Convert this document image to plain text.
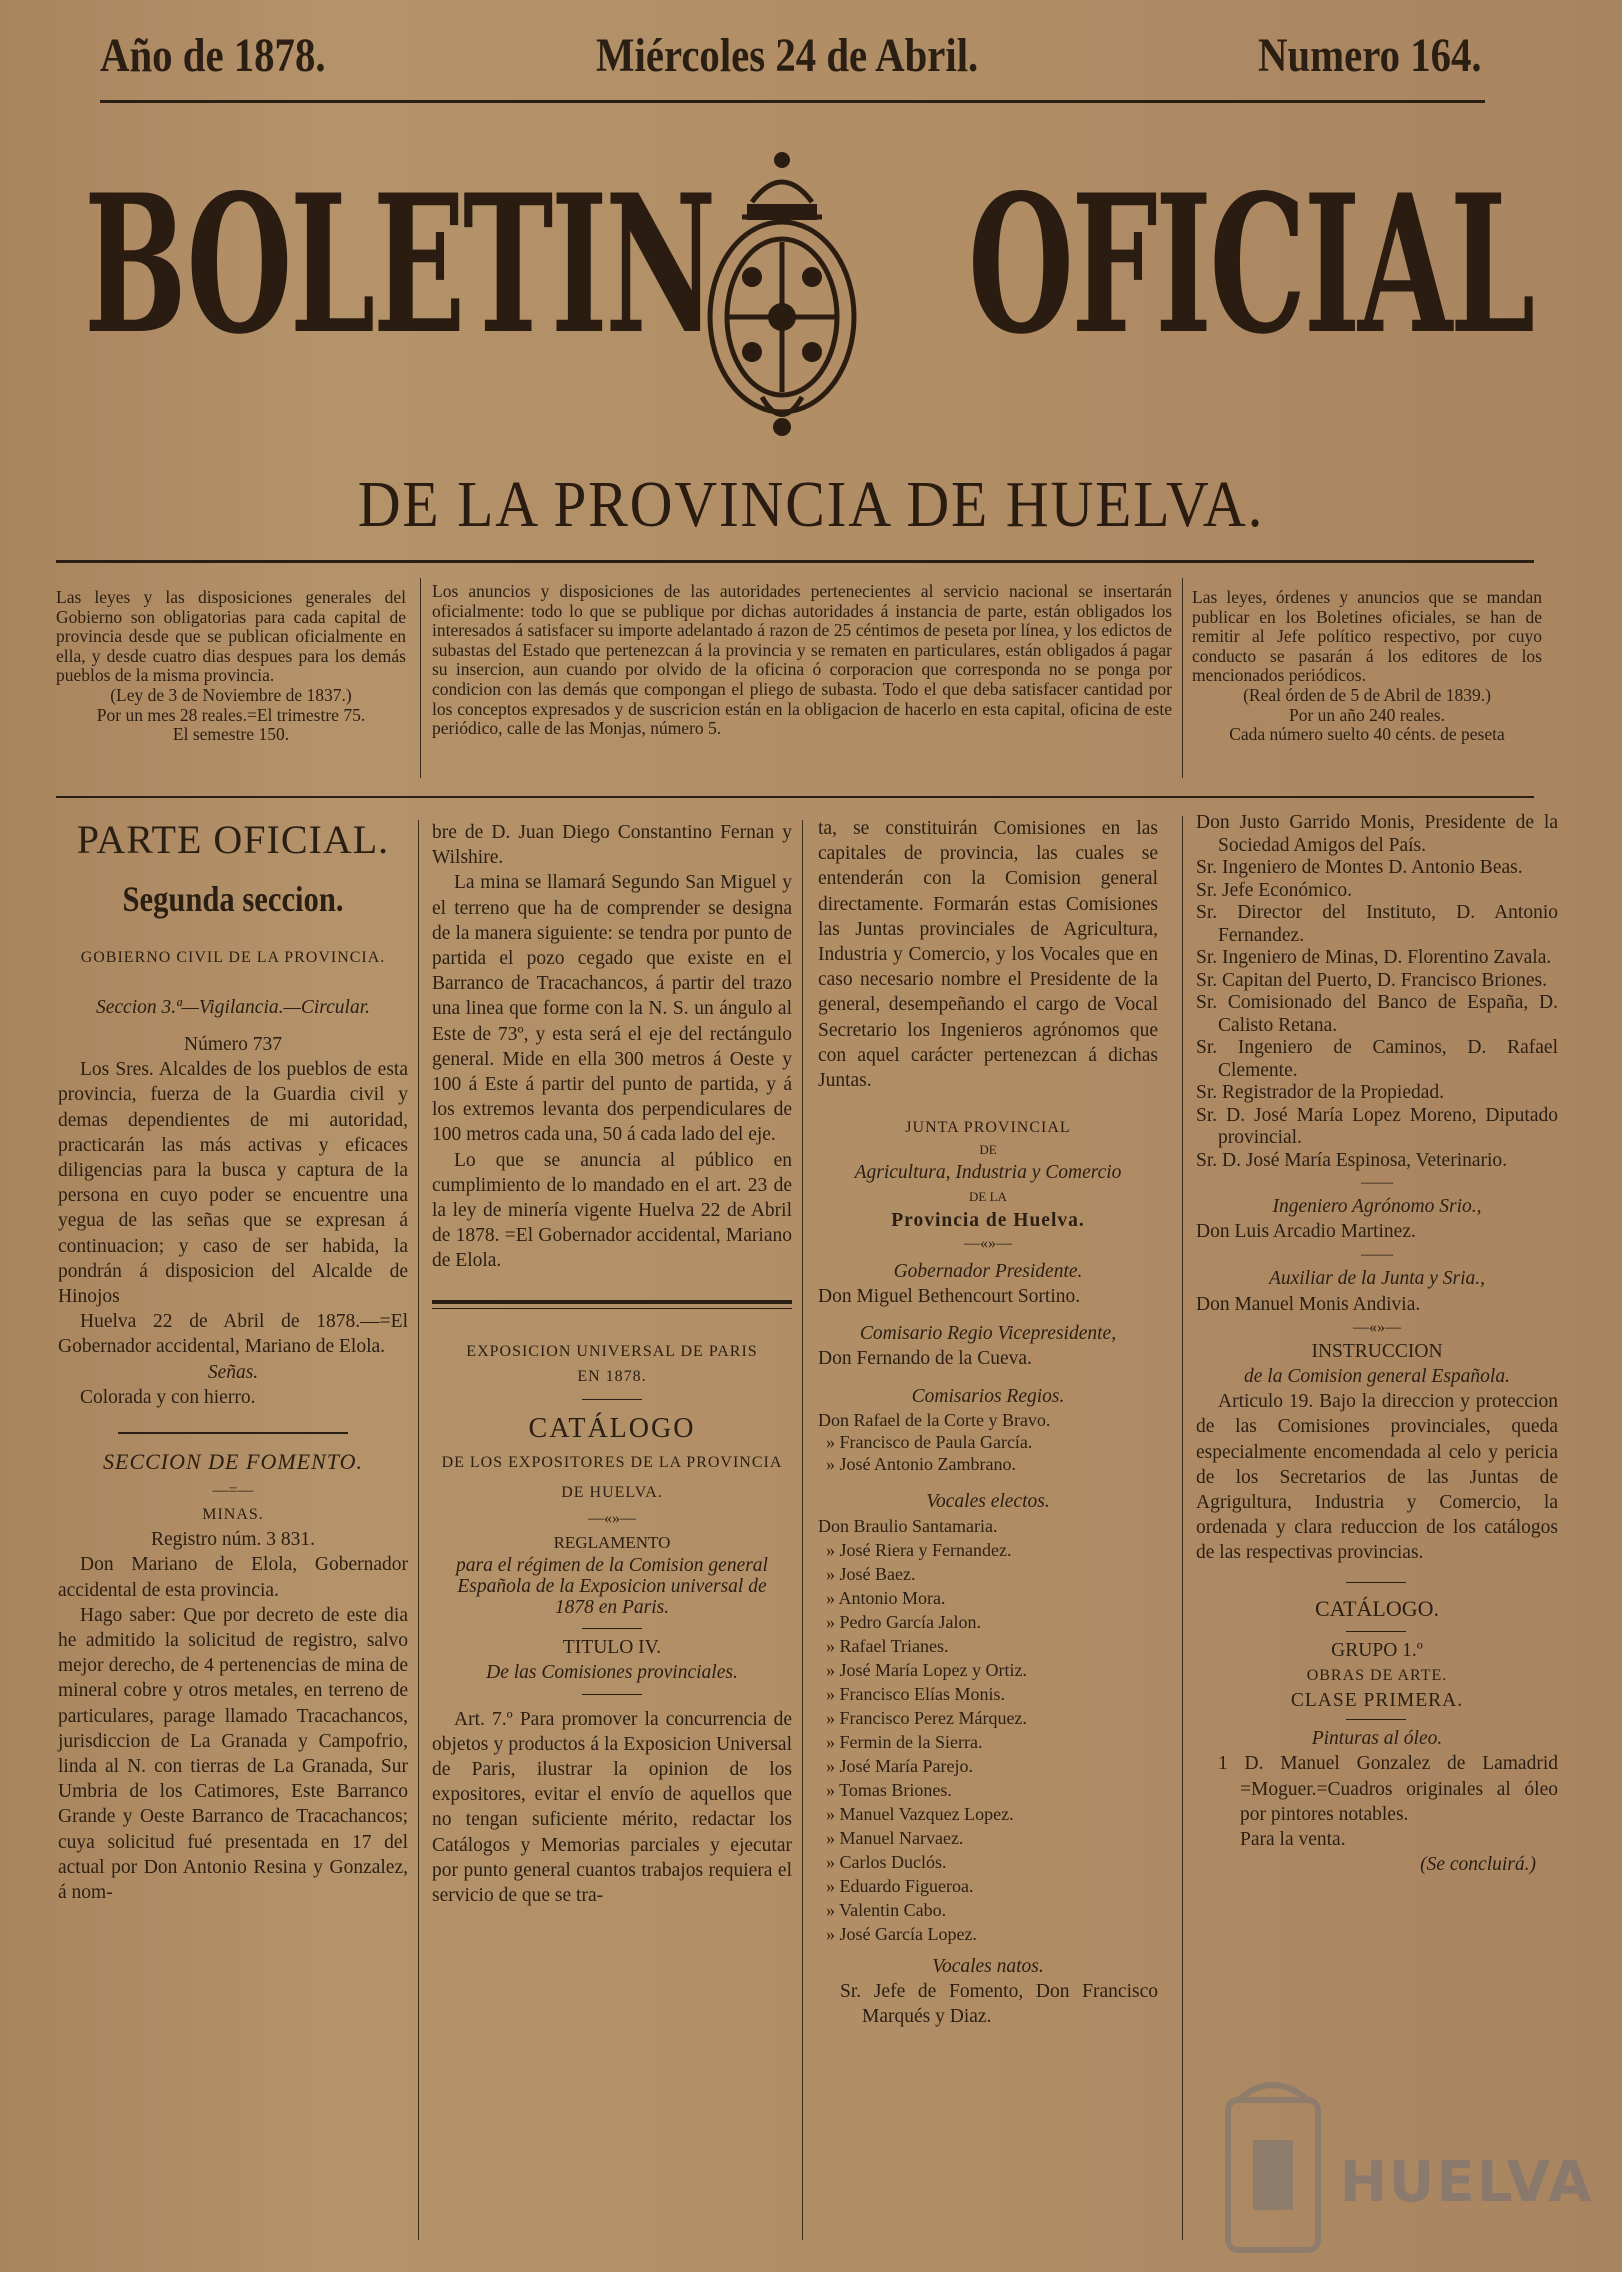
Año de 1878.	Miércoles 24 de Abril.	Numero 164.
BOLETIN OFICIAL
DE LA PROVINCIA DE HUELVA.
Las leyes y las disposiciones generales del Gobierno son obligatorias para cada capital de provincia desde que se publican oficialmente en ella, y desde cuatro dias despues para los demás pueblos de la misma provincia.
(Ley de 3 de Noviembre de 1837.)
Por un mes 28 reales.=El trimestre 75.
El semestre 150.
Los anuncios y disposiciones de las autoridades pertenecientes al servicio nacional se insertarán oficialmente: todo lo que se publique por dichas autoridades á instancia de parte, están obligados los interesados á satisfacer su importe adelantado á razon de 25 céntimos de peseta por línea, y los edictos de subastas del Estado que pertenezcan á la provincia y se rematen en particulares, están obligados á pagar su insercion, aun cuando por olvido de la oficina ó corporacion que corresponda no se ponga por condicion con las demás que compongan el pliego de subasta. Todo el que deba satisfacer cantidad por los conceptos expresados y de suscricion están en la obligacion de hacerlo en esta capital, oficina de este periódico, calle de las Monjas, número 5.
Las leyes, órdenes y anuncios que se mandan publicar en los Boletines oficiales, se han de remitir al Jefe político respectivo, por cuyo conducto se pasarán á los editores de los mencionados periódicos.
(Real órden de 5 de Abril de 1839.)
Por un año 240 reales.
Cada número suelto 40 cénts. de peseta
PARTE OFICIAL.
Segunda seccion.
GOBIERNO CIVIL DE LA PROVINCIA.
Seccion 3.ª—Vigilancia.—Circular.
Número 737
Los Sres. Alcaldes de los pueblos de esta provincia, fuerza de la Guardia civil y demas dependientes de mi autoridad, practicarán las más activas y eficaces diligencias para la busca y captura de la persona en cuyo poder se encuentre una yegua de las señas que se expresan á continuacion; y caso de ser habida, la pondrán á disposicion del Alcalde de Hinojos
Huelva 22 de Abril de 1878.—=El Gobernador accidental, Mariano de Elola.
Señas.
Colorada y con hierro.
SECCION DE FOMENTO.
—=—
MINAS.
Registro núm. 3 831.
Don Mariano de Elola, Gobernador accidental de esta provincia.
Hago saber: Que por decreto de este dia he admitido la solicitud de registro, salvo mejor derecho, de 4 pertenencias de mina de mineral cobre y otros metales, en terreno de particulares, parage llamado Tracachancos, jurisdiccion de La Granada y Campofrio, linda al N. con tierras de La Granada, Sur Umbria de los Catimores, Este Barranco Grande y Oeste Barranco de Tracachancos; cuya solicitud fué presentada en 17 del actual por Don Antonio Resina y Gonzalez, á nom-
bre de D. Juan Diego Constantino Fernan y Wilshire.
La mina se llamará Segundo San Miguel y el terreno que ha de comprender se designa de la manera siguiente: se tendra por punto de partida el pozo cegado que existe en el Barranco de Tracachancos, á partir del trazo una linea que forme con la N. S. un ángulo al Este de 73º, y esta será el eje del rectángulo general. Mide en ella 300 metros á Oeste y 100 á Este á partir del punto de partida, y á los extremos levanta dos perpendiculares de 100 metros cada una, 50 á cada lado del eje.
Lo que se anuncia al público en cumplimiento de lo mandado en el art. 23 de la ley de minería vigente Huelva 22 de Abril de 1878. =El Gobernador accidental, Mariano de Elola.
EXPOSICION UNIVERSAL DE PARIS
EN 1878.
CATÁLOGO
DE LOS EXPOSITORES DE LA PROVINCIA DE HUELVA.
—«»—
REGLAMENTO
para el régimen de la Comision general Española de la Exposicion universal de 1878 en Paris.
TITULO IV.
De las Comisiones provinciales.
Art. 7.º Para promover la concurrencia de objetos y productos á la Exposicion Universal de Paris, ilustrar la opinion de los expositores, evitar el envío de aquellos que no tengan suficiente mérito, redactar los Catálogos y Memorias parciales y ejecutar por punto general cuantos trabajos requiera el servicio de que se tra-
ta, se constituirán Comisiones en las capitales de provincia, las cuales se entenderán con la Comision general directamente. Formarán estas Comisiones las Juntas provinciales de Agricultura, Industria y Comercio, y los Vocales que en caso necesario nombre el Presidente de la general, desempeñando el cargo de Vocal Secretario los Ingenieros agrónomos que con aquel carácter pertenezcan á dichas Juntas.
JUNTA PROVINCIAL
DE
Agricultura, Industria y Comercio
DE LA
Provincia de Huelva.
—«»—
Gobernador Presidente.
Don Miguel Bethencourt Sortino.
Comisario Regio Vicepresidente,
Don Fernando de la Cueva.
Comisarios Regios.
Don Rafael de la Corte y Bravo.
» Francisco de Paula García.
» José Antonio Zambrano.
Vocales electos.
Don Braulio Santamaria.
» José Riera y Fernandez.
» José Baez.
» Antonio Mora.
» Pedro García Jalon.
» Rafael Trianes.
» José María Lopez y Ortiz.
» Francisco Elías Monis.
» Francisco Perez Márquez.
» Fermin de la Sierra.
» José María Parejo.
» Tomas Briones.
» Manuel Vazquez Lopez.
» Manuel Narvaez.
» Carlos Duclós.
» Eduardo Figueroa.
» Valentin Cabo.
» José García Lopez.
Vocales natos.
Sr. Jefe de Fomento, Don Francisco Marqués y Diaz.
Don Justo Garrido Monis, Presidente de la Sociedad Amigos del País.
Sr. Ingeniero de Montes D. Antonio Beas.
Sr. Jefe Económico.
Sr. Director del Instituto, D. Antonio Fernandez.
Sr. Ingeniero de Minas, D. Florentino Zavala.
Sr. Capitan del Puerto, D. Francisco Briones.
Sr. Comisionado del Banco de España, D. Calisto Retana.
Sr. Ingeniero de Caminos, D. Rafael Clemente.
Sr. Registrador de la Propiedad.
Sr. D. José María Lopez Moreno, Diputado provincial.
Sr. D. José María Espinosa, Veterinario.
——
Ingeniero Agrónomo Srio.,
Don Luis Arcadio Martinez.
——
Auxiliar de la Junta y Sria.,
Don Manuel Monis Andivia.
—«»—
INSTRUCCION
de la Comision general Española.
Articulo 19. Bajo la direccion y proteccion de las Comisiones provinciales, queda especialmente encomendada al celo y pericia de los Secretarios de las Juntas de Agrigultura, Industria y Comercio, la ordenada y clara reduccion de los catálogos de las respectivas provincias.
CATÁLOGO.
GRUPO 1.º
OBRAS DE ARTE.
CLASE PRIMERA.
Pinturas al óleo.
1 D. Manuel Gonzalez de Lamadrid =Moguer.=Cuadros originales al óleo por pintores notables.
Para la venta.
(Se concluirá.)
HUELVA
